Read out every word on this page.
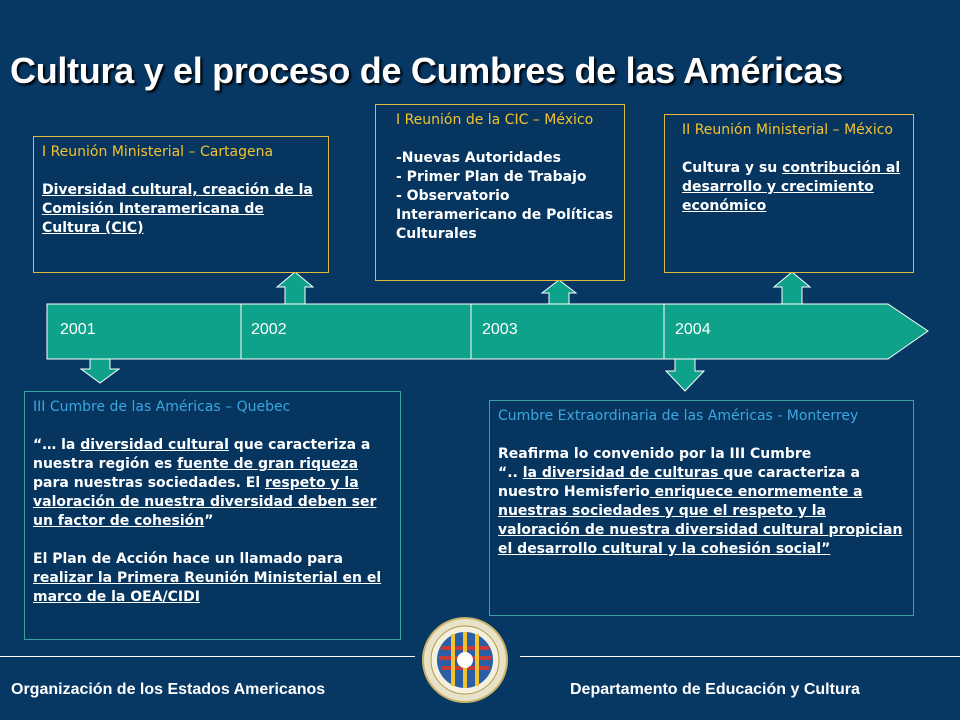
Cultura y el proceso de Cumbres de las Américas
2001	2002	2003	2004
I Reunión Ministerial – Cartagena
Diversidad cultural, creación de la Comisión Interamericana de Cultura (CIC)
I Reunión de la CIC – México
-Nuevas Autoridades
- Primer Plan de Trabajo
- Observatorio Interamericano de Políticas Culturales
II Reunión Ministerial – México
Cultura y su contribución al desarrollo y crecimiento económico
III Cumbre de las Américas – Quebec
“… la diversidad cultural que caracteriza a nuestra región es fuente de gran riqueza para nuestras sociedades. El respeto y la valoración de nuestra diversidad deben ser un factor de cohesión”
El Plan de Acción hace un llamado para realizar la Primera Reunión Ministerial en el marco de la OEA/CIDI
Cumbre Extraordinaria de las Américas - Monterrey
Reafirma lo convenido por la III Cumbre
“.. la diversidad de culturas que caracteriza a nuestro Hemisferio enriquece enormemente a nuestras sociedades y que el respeto y la valoración de nuestra diversidad cultural propician el desarrollo cultural y la cohesión social”
Organización de los Estados Americanos	Departamento de Educación y Cultura
